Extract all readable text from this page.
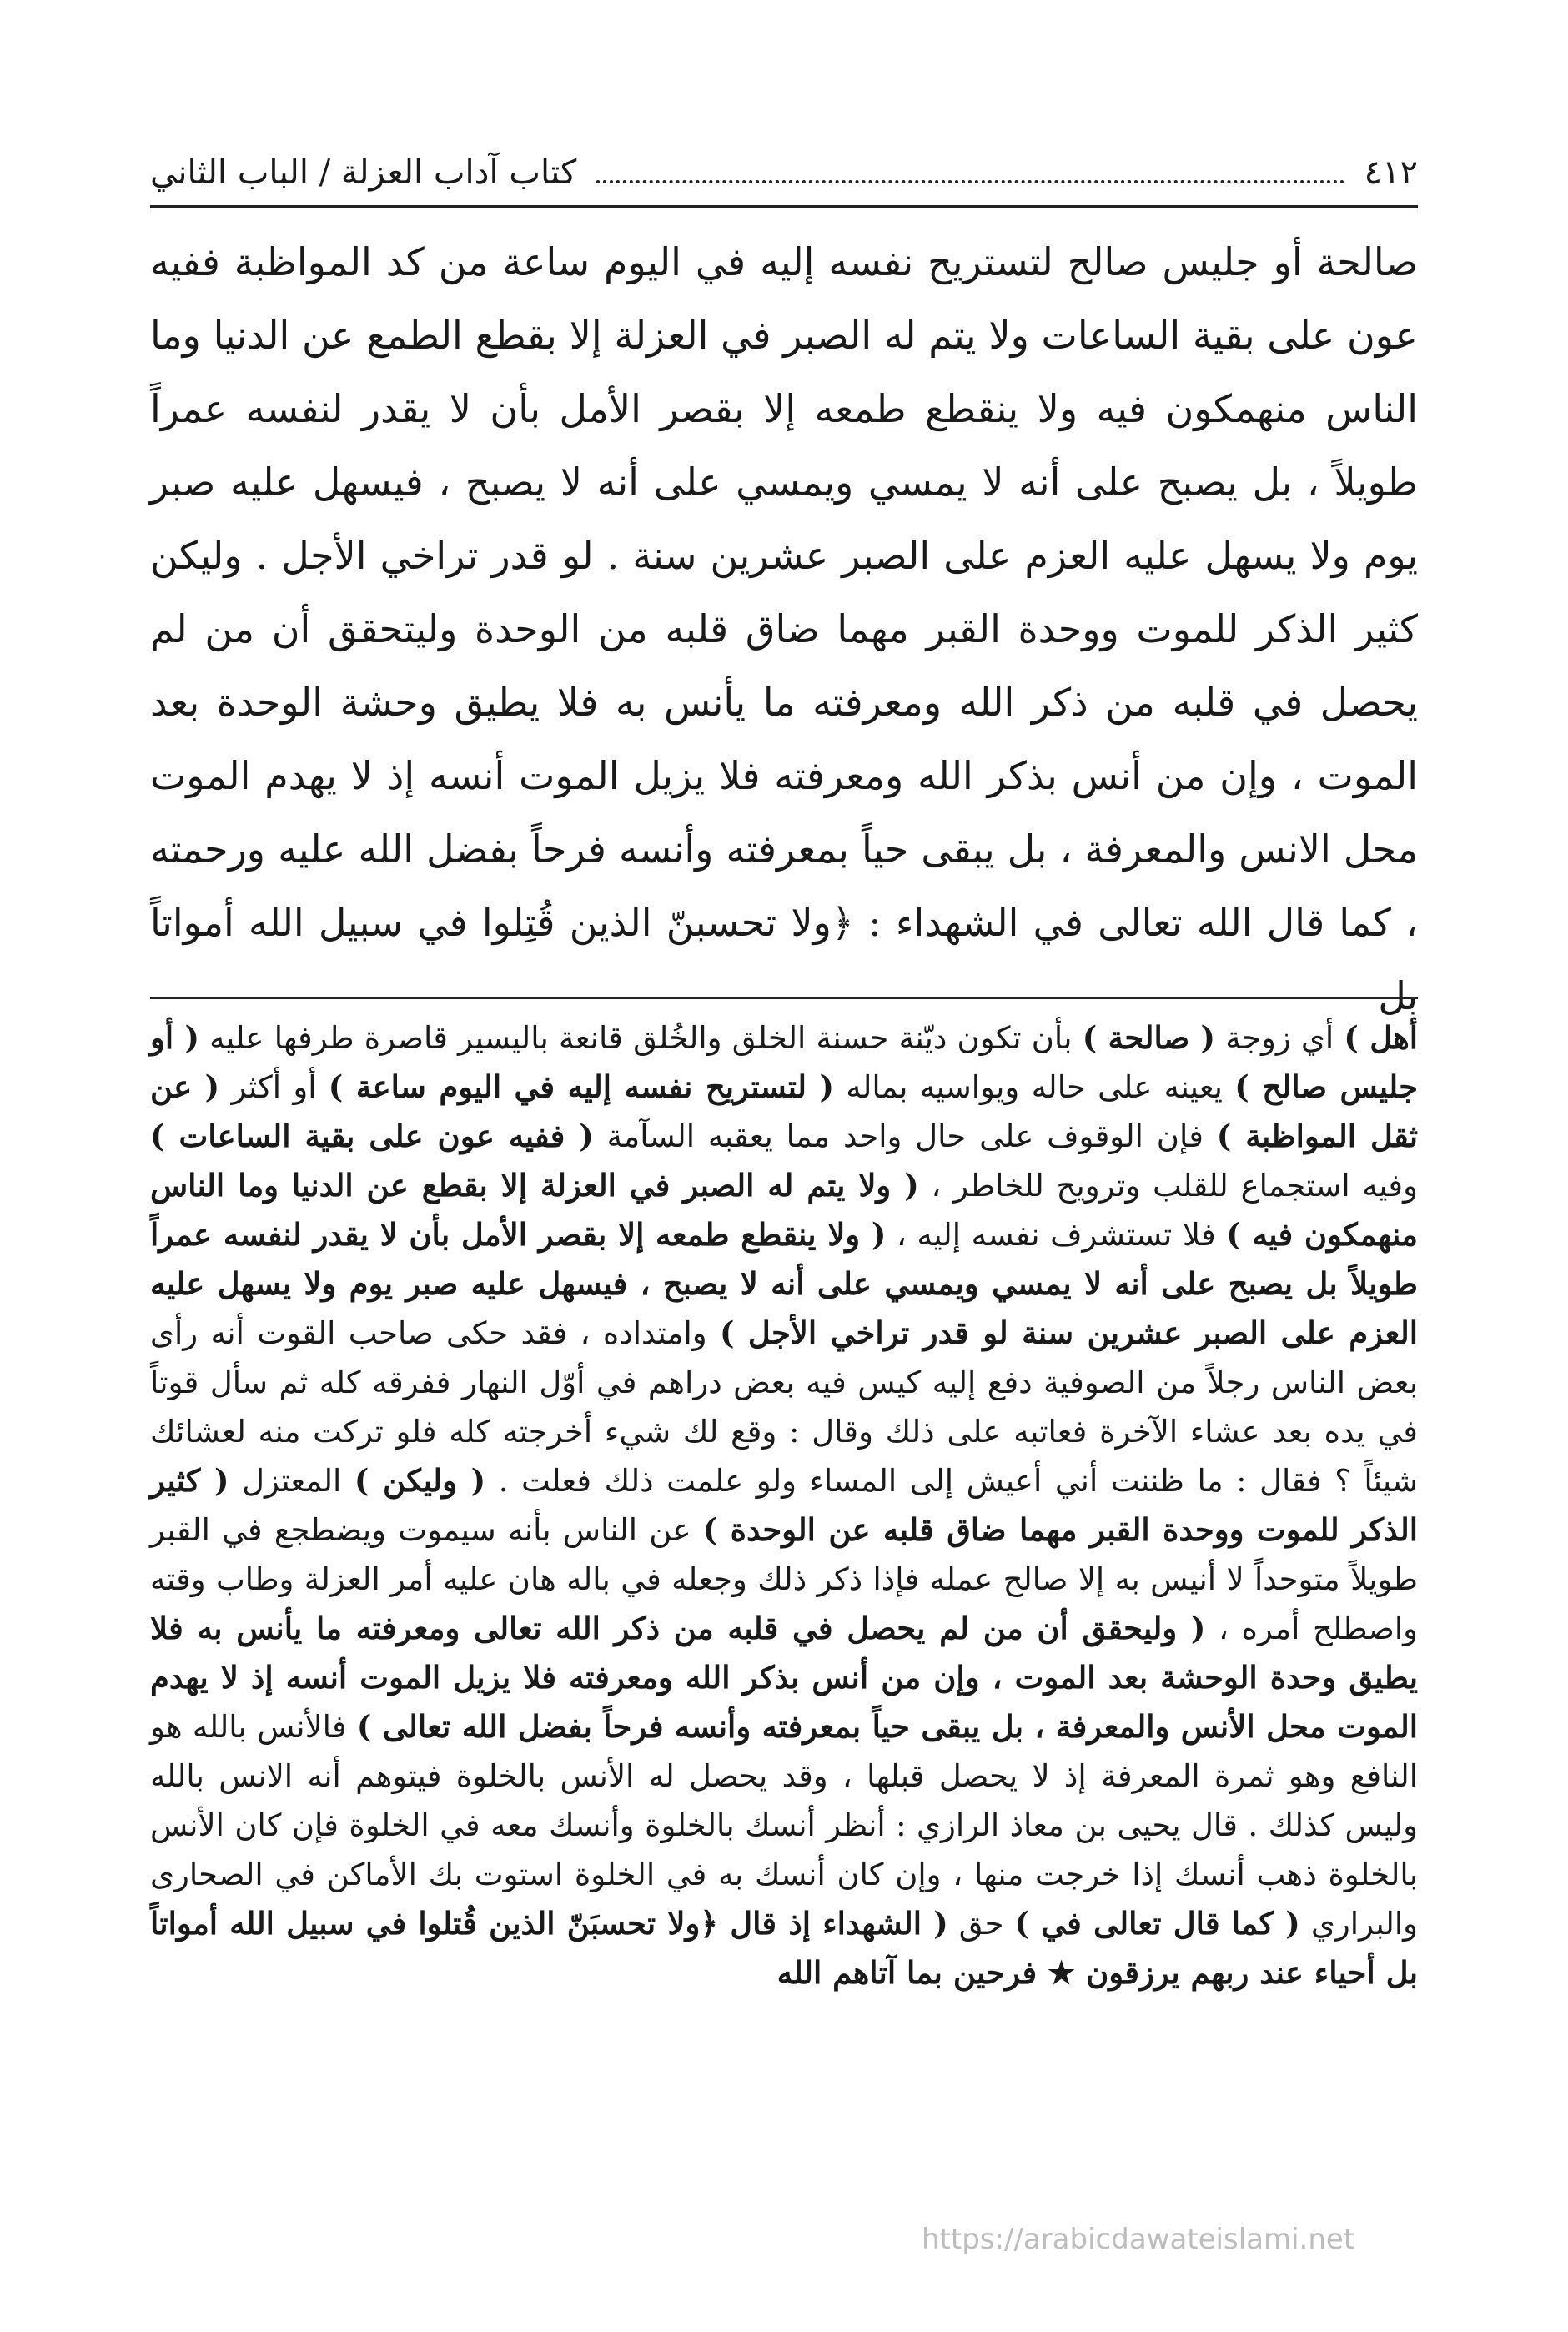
٤١٢
كتاب آداب العزلة / الباب الثاني

صالحة أو جليس صالح لتستريح نفسه إليه في اليوم ساعة من كد المواظبة ففيه عون على بقية الساعات ولا يتم له الصبر في العزلة إلا بقطع الطمع عن الدنيا وما الناس منهمكون فيه ولا ينقطع طمعه إلا بقصر الأمل بأن لا يقدر لنفسه عمراً طويلاً ، بل يصبح على أنه لا يمسي ويمسي على أنه لا يصبح ، فيسهل عليه صبر يوم ولا يسهل عليه العزم على الصبر عشرين سنة . لو قدر تراخي الأجل . وليكن كثير الذكر للموت ووحدة القبر مهما ضاق قلبه من الوحدة وليتحقق أن من لم يحصل في قلبه من ذكر الله ومعرفته ما يأنس به فلا يطيق وحشة الوحدة بعد الموت ، وإن من أنس بذكر الله ومعرفته فلا يزيل الموت أنسه إذ لا يهدم الموت محل الانس والمعرفة ، بل يبقى حياً بمعرفته وأنسه فرحاً بفضل الله عليه ورحمته ، كما قال الله تعالى في الشهداء : ﴿ولا تحسبنّ الذين قُتِلوا في سبيل الله أمواتاً بل

أهل ) أي زوجة ( صالحة ) بأن تكون ديّنة حسنة الخلق والخُلق قانعة باليسير قاصرة طرفها عليه ( أو جليس صالح ) يعينه على حاله ويواسيه بماله ( لتستريح نفسه إليه في اليوم ساعة ) أو أكثر ( عن ثقل المواظبة ) فإن الوقوف على حال واحد مما يعقبه السآمة ( ففيه عون على بقية الساعات ) وفيه استجماع للقلب وترويح للخاطر ، ( ولا يتم له الصبر في العزلة إلا بقطع عن الدنيا وما الناس منهمكون فيه ) فلا تستشرف نفسه إليه ، ( ولا ينقطع طمعه إلا بقصر الأمل بأن لا يقدر لنفسه عمراً طويلاً بل يصبح على أنه لا يمسي ويمسي على أنه لا يصبح ، فيسهل عليه صبر يوم ولا يسهل عليه العزم على الصبر عشرين سنة لو قدر تراخي الأجل ) وامتداده ، فقد حكى صاحب القوت أنه رأى بعض الناس رجلاً من الصوفية دفع إليه كيس فيه بعض دراهم في أوّل النهار ففرقه كله ثم سأل قوتاً في يده بعد عشاء الآخرة فعاتبه على ذلك وقال : وقع لك شيء أخرجته كله فلو تركت منه لعشائك شيئاً ؟ فقال : ما ظننت أني أعيش إلى المساء ولو علمت ذلك فعلت . ( وليكن ) المعتزل ( كثير الذكر للموت ووحدة القبر مهما ضاق قلبه عن الوحدة ) عن الناس بأنه سيموت ويضطجع في القبر طويلاً متوحداً لا أنيس به إلا صالح عمله فإذا ذكر ذلك وجعله في باله هان عليه أمر العزلة وطاب وقته واصطلح أمره ، ( وليحقق أن من لم يحصل في قلبه من ذكر الله تعالى ومعرفته ما يأنس به فلا يطيق وحدة الوحشة بعد الموت ، وإن من أنس بذكر الله ومعرفته فلا يزيل الموت أنسه إذ لا يهدم الموت محل الأنس والمعرفة ، بل يبقى حياً بمعرفته وأنسه فرحاً بفضل الله تعالى ) فالأنس بالله هو النافع وهو ثمرة المعرفة إذ لا يحصل قبلها ، وقد يحصل له الأنس بالخلوة فيتوهم أنه الانس بالله وليس كذلك . قال يحيى بن معاذ الرازي : أنظر أنسك بالخلوة وأنسك معه في الخلوة فإن كان الأنس بالخلوة ذهب أنسك إذا خرجت منها ، وإن كان أنسك به في الخلوة استوت بك الأماكن في الصحارى والبراري ( كما قال تعالى في ) حق ( الشهداء إذ قال ﴿ولا تحسبَنّ الذين قُتلوا في سبيل الله أمواتاً بل أحياء عند ربهم يرزقون ★ فرحين بما آتاهم الله

https://arabicdawateislami.net
